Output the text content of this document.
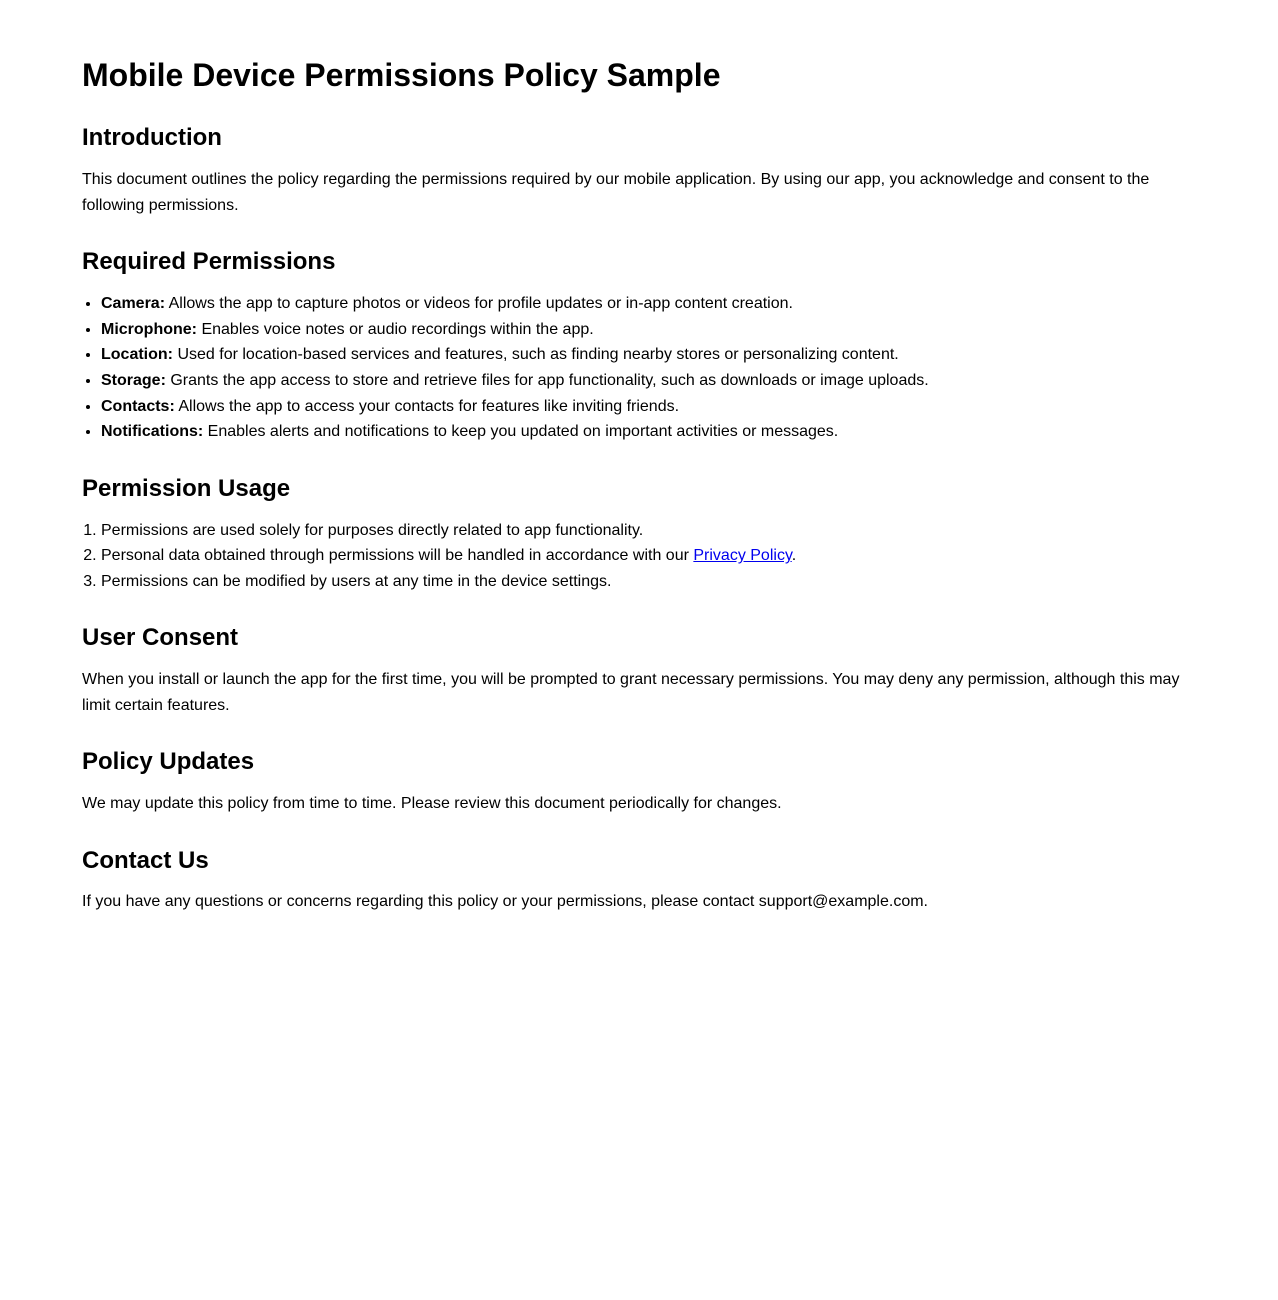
Mobile Device Permissions Policy Sample
Introduction

This document outlines the policy regarding the permissions required by our mobile application. By using our app, you acknowledge and consent to the following permissions.

Required Permissions
• Camera: Allows the app to capture photos or videos for profile updates or in-app content creation.
• Microphone: Enables voice notes or audio recordings within the app.
• Location: Used for location-based services and features, such as finding nearby stores or personalizing content.
• Storage: Grants the app access to store and retrieve files for app functionality, such as downloads or image uploads.
• Contacts: Allows the app to access your contacts for features like inviting friends.
• Notifications: Enables alerts and notifications to keep you updated on important activities or messages.
Permission Usage
1. Permissions are used solely for purposes directly related to app functionality.
2. Personal data obtained through permissions will be handled in accordance with our Privacy Policy.
3. Permissions can be modified by users at any time in the device settings.
User Consent

When you install or launch the app for the first time, you will be prompted to grant necessary permissions. You may deny any permission, although this may limit certain features.

Policy Updates

We may update this policy from time to time. Please review this document periodically for changes.

Contact Us

If you have any questions or concerns regarding this policy or your permissions, please contact support@example.com.
